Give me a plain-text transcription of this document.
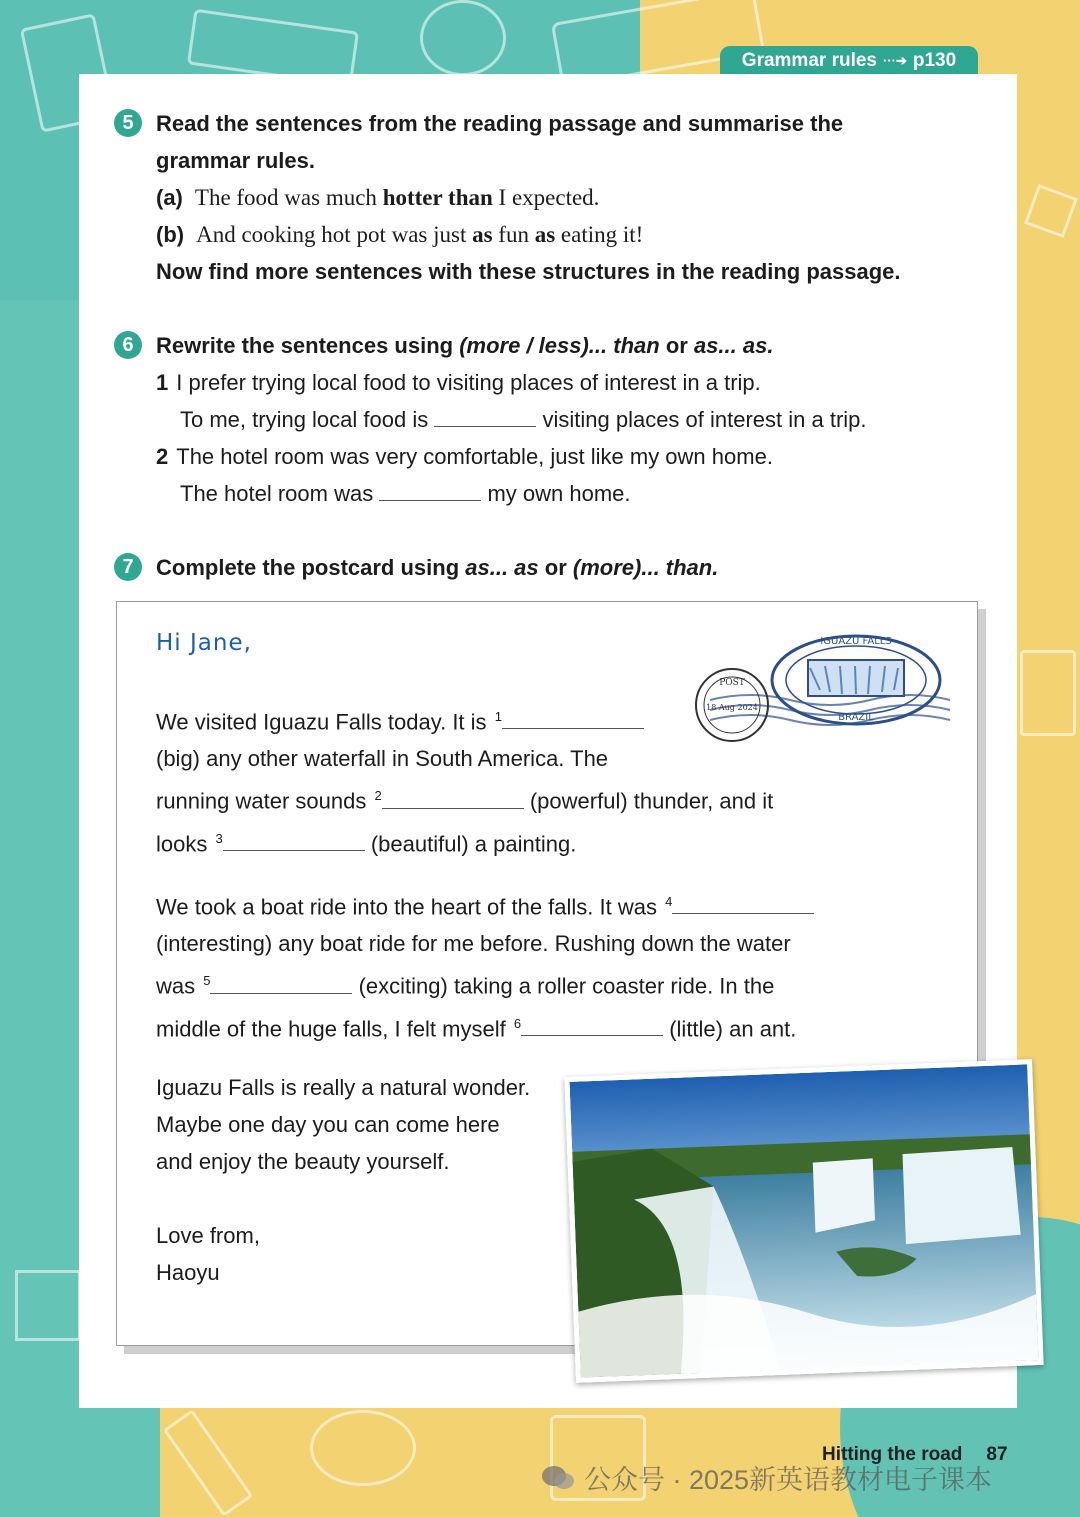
Grammar rules ···➔ p130
5	Read the sentences from the reading passage and summarise the
grammar rules.
(a) The food was much hotter than I expected.
(b) And cooking hot pot was just as fun as eating it!
Now find more sentences with these structures in the reading passage.
6	Rewrite the sentences using (more / less)... than or as... as.
1 I prefer trying local food to visiting places of interest in a trip.
To me, trying local food is	visiting places of interest in a trip.
2 The hotel room was very comfortable, just like my own home.
The hotel room was	my own home.
7	Complete the postcard using as... as or (more)... than.
Hi Jane,
We visited Iguazu Falls today. It is $^1$
(big) any other waterfall in South America. The
running water sounds $^2$	(powerful) thunder, and it
looks $^3$	(beautiful) a painting.
We took a boat ride into the heart of the falls. It was $^4$
(interesting) any boat ride for me before. Rushing down the water
was $^5$	(exciting) taking a roller coaster ride. In the
middle of the huge falls, I felt myself $^6$	(little) an ant.
Iguazu Falls is really a natural wonder.
Maybe one day you can come here
and enjoy the beauty yourself.
Love from,
Haoyu
IGUAZU FALLS
BRAZIL
POST
18 Aug 2024
Hitting the road 87
公众号 · 2025新英语教材电子课本
